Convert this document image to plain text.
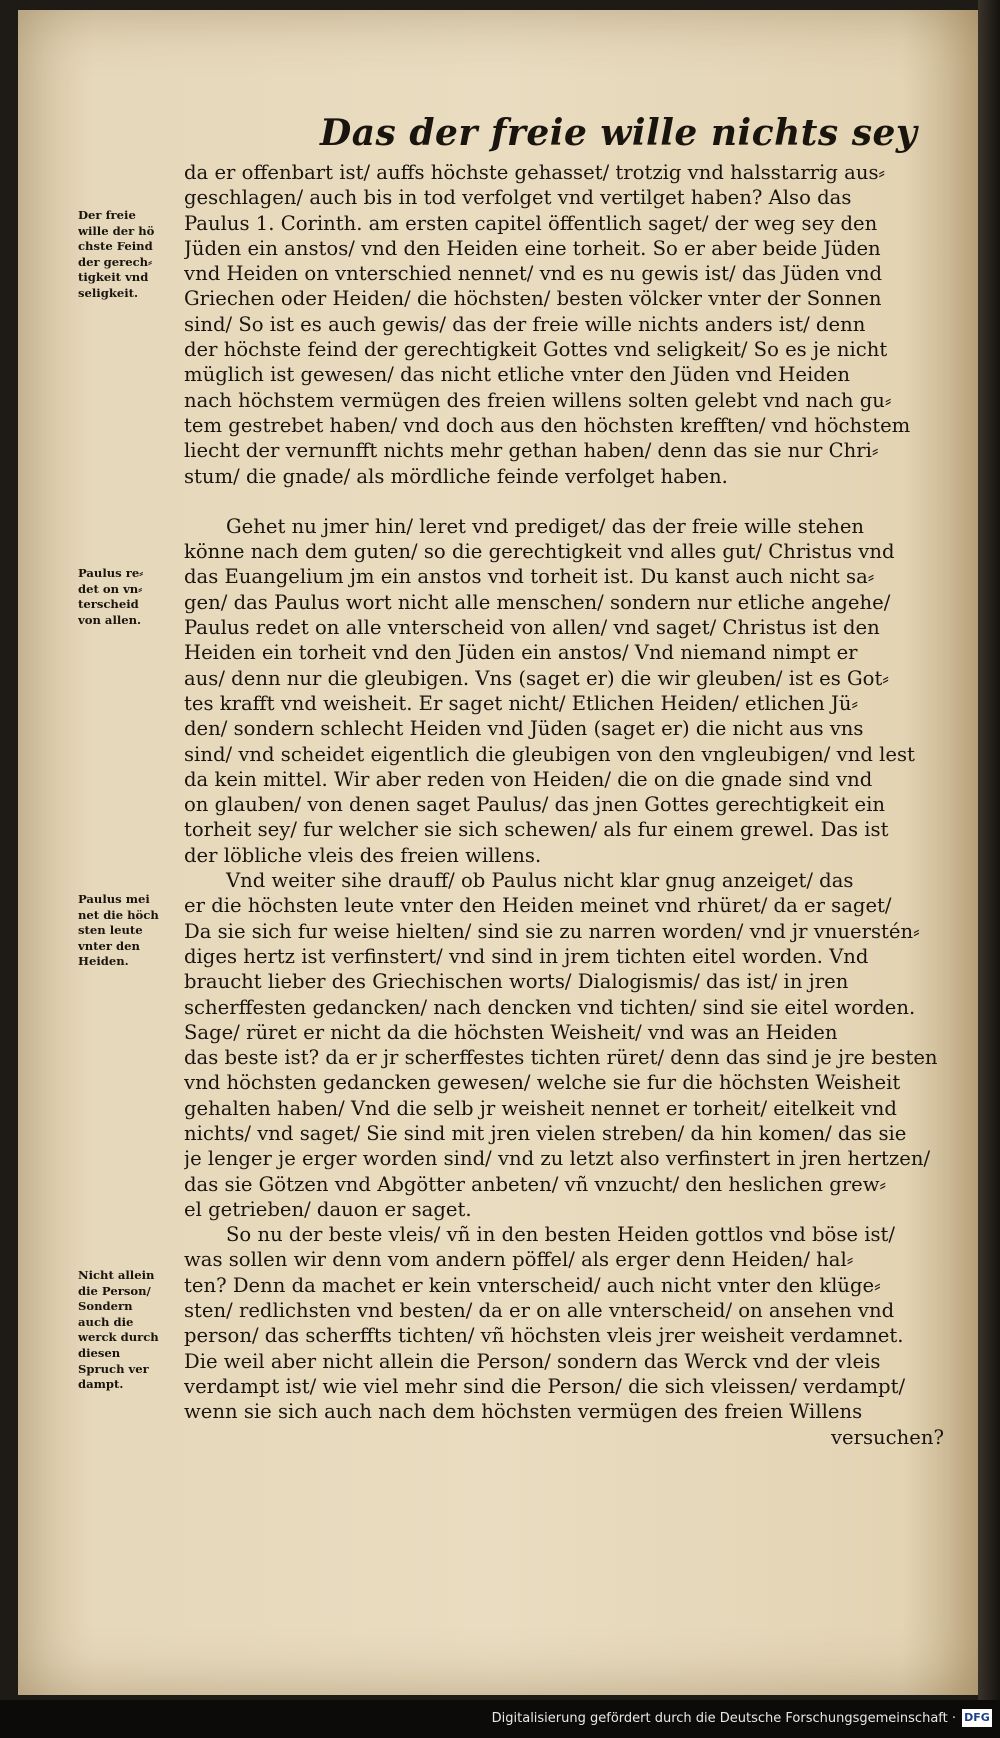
Das der freie wille nichts sey
da er offenbart ist/ auffs höchste gehasset/ trotzig vnd halsstarrig aus⸗
geschlagen/ auch bis in tod verfolget vnd vertilget haben? Also das
Paulus 1. Corinth. am ersten capitel öffentlich saget/ der weg sey den
Jüden ein anstos/ vnd den Heiden eine torheit. So er aber beide Jüden
vnd Heiden on vnterschied nennet/ vnd es nu gewis ist/ das Jüden vnd
Griechen oder Heiden/ die höchsten/ besten völcker vnter der Sonnen
sind/ So ist es auch gewis/ das der freie wille nichts anders ist/ denn
der höchste feind der gerechtigkeit Gottes vnd seligkeit/ So es je nicht
müglich ist gewesen/ das nicht etliche vnter den Jüden vnd Heiden
nach höchstem vermügen des freien willens solten gelebt vnd nach gu⸗
tem gestrebet haben/ vnd doch aus den höchsten krefften/ vnd höchstem
liecht der vernunfft nichts mehr gethan haben/ denn das sie nur Chri⸗
stum/ die gnade/ als mördliche feinde verfolget haben.
Gehet nu jmer hin/ leret vnd prediget/ das der freie wille stehen
könne nach dem guten/ so die gerechtigkeit vnd alles gut/ Christus vnd
das Euangelium jm ein anstos vnd torheit ist. Du kanst auch nicht sa⸗
gen/ das Paulus wort nicht alle menschen/ sondern nur etliche angehe/
Paulus redet on alle vnterscheid von allen/ vnd saget/ Christus ist den
Heiden ein torheit vnd den Jüden ein anstos/ Vnd niemand nimpt er
aus/ denn nur die gleubigen. Vns (saget er) die wir gleuben/ ist es Got⸗
tes krafft vnd weisheit. Er saget nicht/ Etlichen Heiden/ etlichen Jü⸗
den/ sondern schlecht Heiden vnd Jüden (saget er) die nicht aus vns
sind/ vnd scheidet eigentlich die gleubigen von den vngleubigen/ vnd lest
da kein mittel. Wir aber reden von Heiden/ die on die gnade sind vnd
on glauben/ von denen saget Paulus/ das jnen Gottes gerechtigkeit ein
torheit sey/ fur welcher sie sich schewen/ als fur einem grewel. Das ist
der löbliche vleis des freien willens.
Vnd weiter sihe drauff/ ob Paulus nicht klar gnug anzeiget/ das
er die höchsten leute vnter den Heiden meinet vnd rhüret/ da er saget/
Da sie sich fur weise hielten/ sind sie zu narren worden/ vnd jr vnuerstén⸗
diges hertz ist verfinstert/ vnd sind in jrem tichten eitel worden. Vnd
braucht lieber des Griechischen worts/ Dialogismis/ das ist/ in jren
scherffesten gedancken/ nach dencken vnd tichten/ sind sie eitel worden.
Sage/ rüret er nicht da die höchsten Weisheit/ vnd was an Heiden
das beste ist? da er jr scherffestes tichten rüret/ denn das sind je jre besten
vnd höchsten gedancken gewesen/ welche sie fur die höchsten Weisheit
gehalten haben/ Vnd die selb jr weisheit nennet er torheit/ eitelkeit vnd
nichts/ vnd saget/ Sie sind mit jren vielen streben/ da hin komen/ das sie
je lenger je erger worden sind/ vnd zu letzt also verfinstert in jren hertzen/
das sie Götzen vnd Abgötter anbeten/ vñ vnzucht/ den heslichen grew⸗
el getrieben/ dauon er saget.
So nu der beste vleis/ vñ in den besten Heiden gottlos vnd böse ist/
was sollen wir denn vom andern pöffel/ als erger denn Heiden/ hal⸗
ten? Denn da machet er kein vnterscheid/ auch nicht vnter den klüge⸗
sten/ redlichsten vnd besten/ da er on alle vnterscheid/ on ansehen vnd
person/ das scherffts tichten/ vñ höchsten vleis jrer weisheit verdamnet.
Die weil aber nicht allein die Person/ sondern das Werck vnd der vleis
verdampt ist/ wie viel mehr sind die Person/ die sich vleissen/ verdampt/
wenn sie sich auch nach dem höchsten vermügen des freien Willens
versuchen?
Der freie
wille der hö
chste Feind
der gerech⸗
tigkeit vnd
seligkeit.
Paulus re⸗
det on vn⸗
terscheid
von allen.
Paulus mei
net die höch
sten leute
vnter den
Heiden.
Nicht allein
die Person/
Sondern
auch die
werck durch
diesen
Spruch ver
dampt.
Digitalisierung gefördert durch die Deutsche Forschungsgemeinschaft · DFG
